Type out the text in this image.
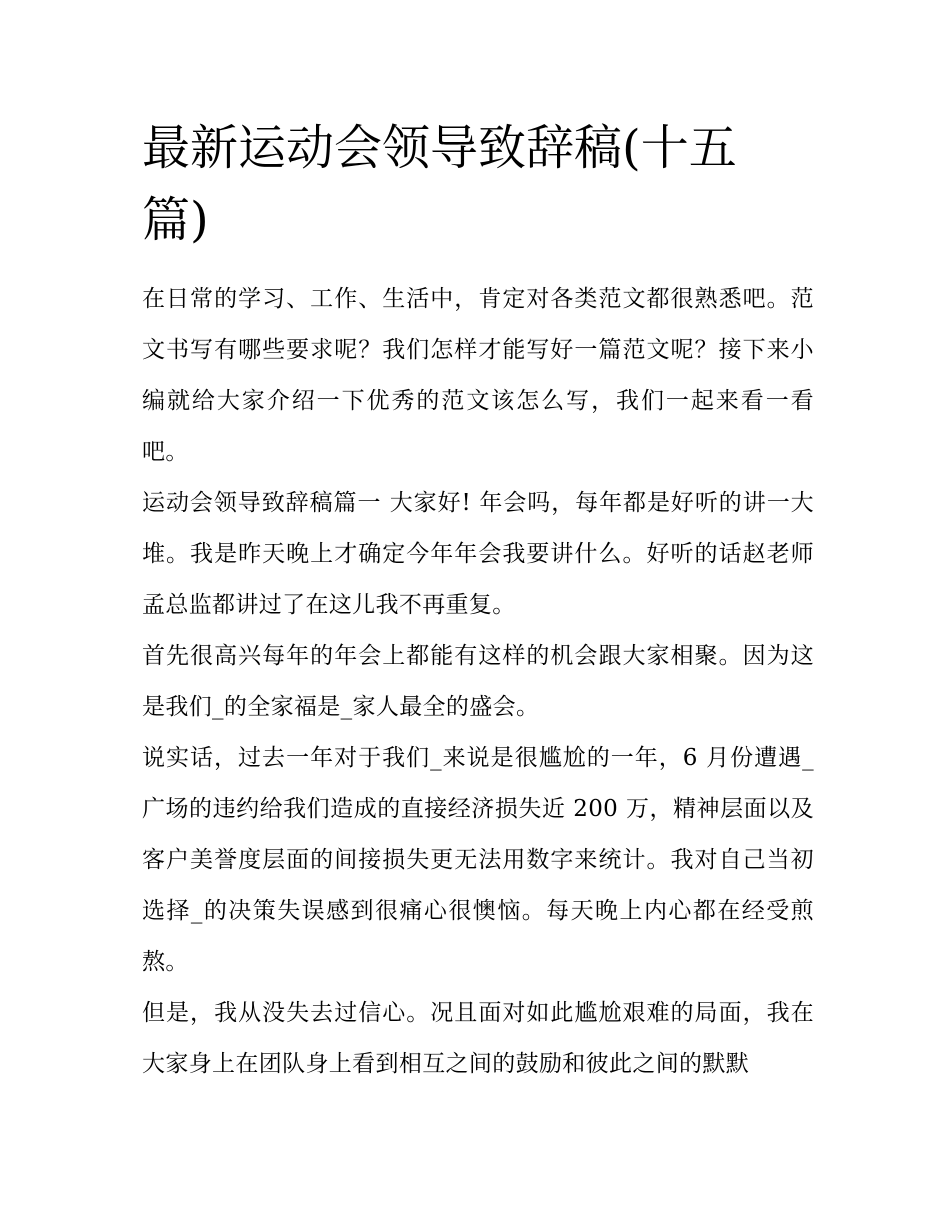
最新运动会领导致辞稿(十五篇)

在日常的学习、工作、生活中，肯定对各类范文都很熟悉吧。范文书写有哪些要求呢？我们怎样才能写好一篇范文呢？接下来小编就给大家介绍一下优秀的范文该怎么写，我们一起来看一看吧。

运动会领导致辞稿篇一 大家好! 年会吗，每年都是好听的讲一大堆。我是昨天晚上才确定今年年会我要讲什么。好听的话赵老师孟总监都讲过了在这儿我不再重复。

首先很高兴每年的年会上都能有这样的机会跟大家相聚。因为这是我们_的全家福是_家人最全的盛会。

说实话，过去一年对于我们_来说是很尴尬的一年，6 月份遭遇_广场的违约给我们造成的直接经济损失近 200 万，精神层面以及客户美誉度层面的间接损失更无法用数字来统计。我对自己当初选择_的决策失误感到很痛心很懊恼。每天晚上内心都在经受煎熬。

但是，我从没失去过信心。况且面对如此尴尬艰难的局面，我在大家身上在团队身上看到相互之间的鼓励和彼此之间的默默
